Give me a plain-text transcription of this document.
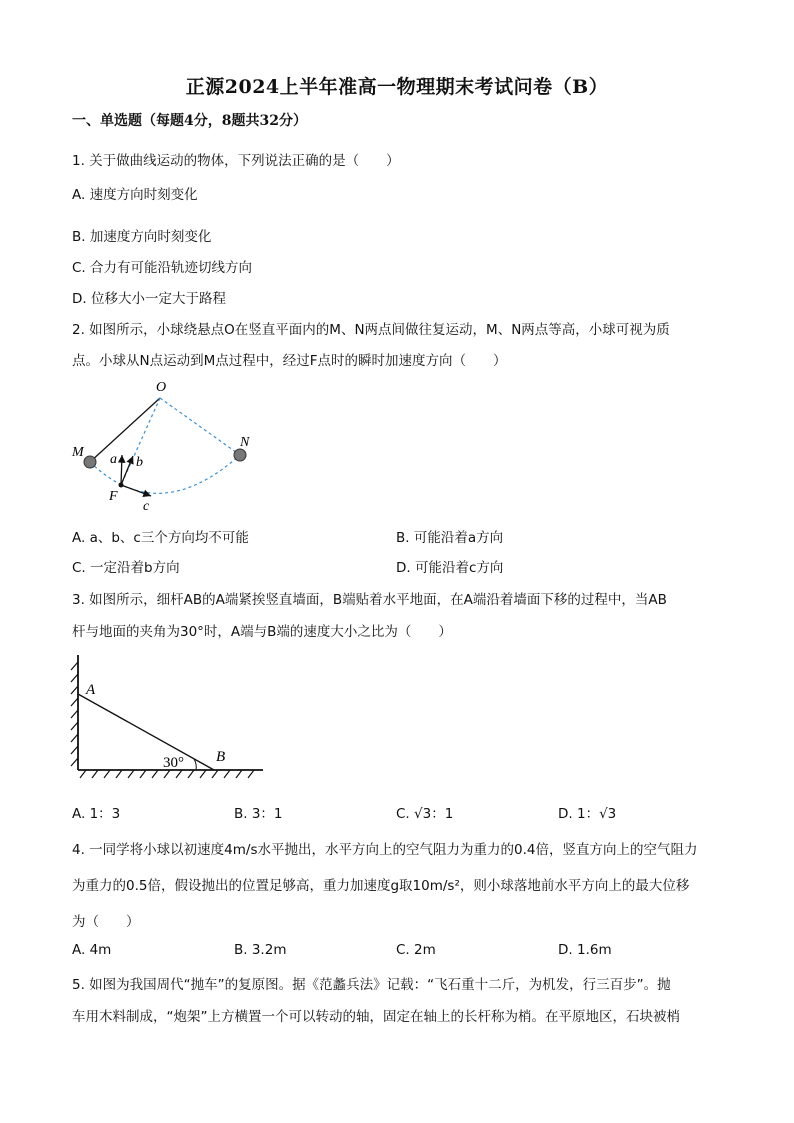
正源2024上半年准高一物理期末考试问卷（B）
一、单选题（每题4分，8题共32分）
1. 关于做曲线运动的物体，下列说法正确的是（　　）
A. 速度方向时刻变化
B. 加速度方向时刻变化
C. 合力有可能沿轨迹切线方向
D. 位移大小一定大于路程
2. 如图所示，小球绕悬点O在竖直平面内的M、N两点间做往复运动，M、N两点等高，小球可视为质
点。小球从N点运动到M点过程中，经过F点时的瞬时加速度方向（　　）
O
M
N
F
a b
c
A. a、b、c三个方向均不可能	B. 可能沿着a方向
C. 一定沿着b方向	D. 可能沿着c方向
3. 如图所示，细杆AB的A端紧挨竖直墙面，B端贴着水平地面，在A端沿着墙面下移的过程中，当AB
杆与地面的夹角为30°时，A端与B端的速度大小之比为（　　）
A
B
30°
A. 1：3	B. 3：1	C. √3：1	D. 1：√3
4. 一同学将小球以初速度4m/s水平抛出，水平方向上的空气阻力为重力的0.4倍，竖直方向上的空气阻力
为重力的0.5倍，假设抛出的位置足够高，重力加速度g取10m/s²，则小球落地前水平方向上的最大位移
为（　　）
A. 4m	B. 3.2m	C. 2m	D. 1.6m
5. 如图为我国周代“抛车”的复原图。据《范蠡兵法》记载：“飞石重十二斤，为机发，行三百步”。抛
车用木料制成，“炮架”上方横置一个可以转动的轴，固定在轴上的长杆称为梢。在平原地区，石块被梢
